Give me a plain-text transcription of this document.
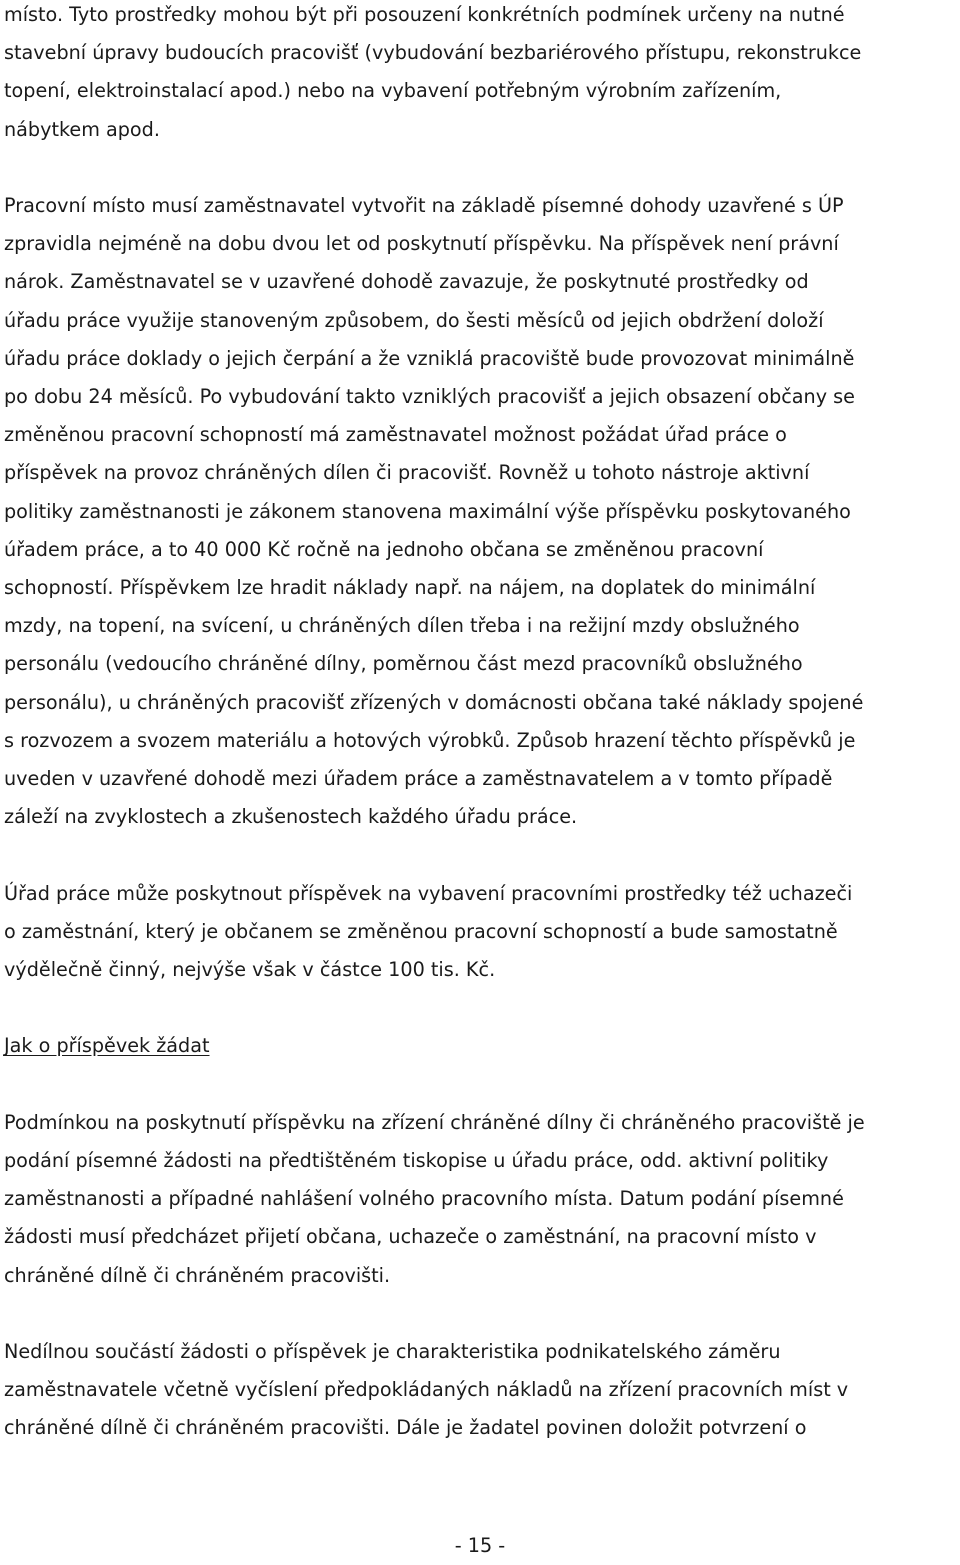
místo. Tyto prostředky mohou být při posouzení konkrétních podmínek určeny na nutné
stavební úpravy budoucích pracovišť (vybudování bezbariérového přístupu, rekonstrukce
topení, elektroinstalací apod.) nebo na vybavení potřebným výrobním zařízením,
nábytkem apod.

Pracovní místo musí zaměstnavatel vytvořit na základě písemné dohody uzavřené s ÚP
zpravidla nejméně na dobu dvou let od poskytnutí příspěvku. Na příspěvek není právní
nárok. Zaměstnavatel se v uzavřené dohodě zavazuje, že poskytnuté prostředky od
úřadu práce využije stanoveným způsobem, do šesti měsíců od jejich obdržení doloží
úřadu práce doklady o jejich čerpání a že vzniklá pracoviště bude provozovat minimálně
po dobu 24 měsíců. Po vybudování takto vzniklých pracovišť a jejich obsazení občany se
změněnou pracovní schopností má zaměstnavatel možnost požádat úřad práce o
příspěvek na provoz chráněných dílen či pracovišť. Rovněž u tohoto nástroje aktivní
politiky zaměstnanosti je zákonem stanovena maximální výše příspěvku poskytovaného
úřadem práce, a to 40 000 Kč ročně na jednoho občana se změněnou pracovní
schopností. Příspěvkem lze hradit náklady např. na nájem, na doplatek do minimální
mzdy, na topení, na svícení, u chráněných dílen třeba i na režijní mzdy obslužného
personálu (vedoucího chráněné dílny, poměrnou část mezd pracovníků obslužného
personálu), u chráněných pracovišť zřízených v domácnosti občana také náklady spojené
s rozvozem a svozem materiálu a hotových výrobků. Způsob hrazení těchto příspěvků je
uveden v uzavřené dohodě mezi úřadem práce a zaměstnavatelem a v tomto případě
záleží na zvyklostech a zkušenostech každého úřadu práce.

Úřad práce může poskytnout příspěvek na vybavení pracovními prostředky též uchazeči
o zaměstnání, který je občanem se změněnou pracovní schopností a bude samostatně
výdělečně činný, nejvýše však v částce 100 tis. Kč.

Jak o příspěvek žádat

Podmínkou na poskytnutí příspěvku na zřízení chráněné dílny či chráněného pracoviště je
podání písemné žádosti na předtištěném tiskopise u úřadu práce, odd. aktivní politiky
zaměstnanosti a případné nahlášení volného pracovního místa. Datum podání písemné
žádosti musí předcházet přijetí občana, uchazeče o zaměstnání, na pracovní místo v
chráněné dílně či chráněném pracovišti.

Nedílnou součástí žádosti o příspěvek je charakteristika podnikatelského záměru
zaměstnavatele včetně vyčíslení předpokládaných nákladů na zřízení pracovních míst v
chráněné dílně či chráněném pracovišti. Dále je žadatel povinen doložit potvrzení o

- 15 -
